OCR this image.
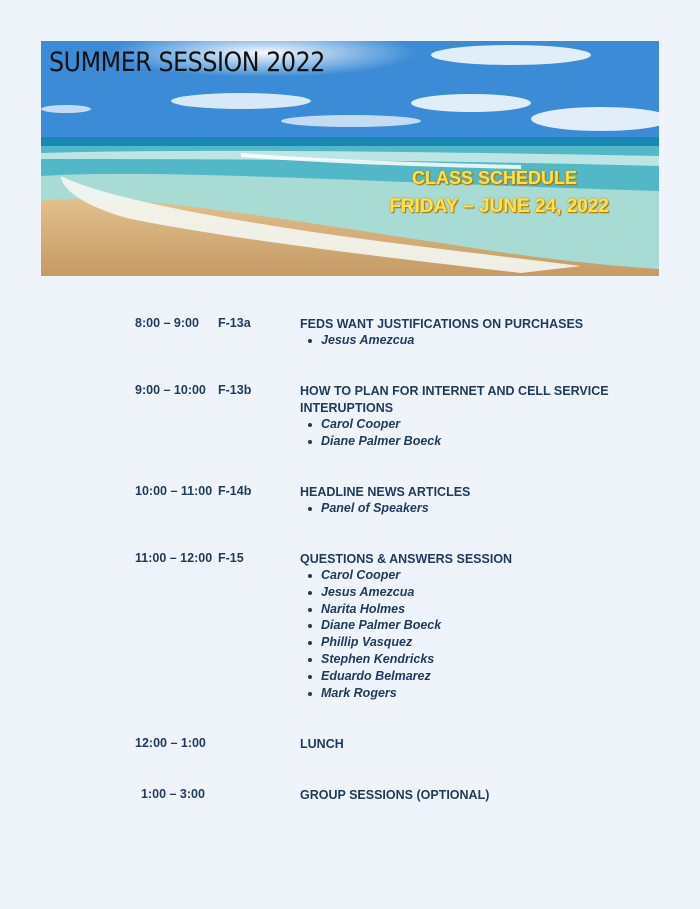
SUMMER SESSION 2022
CLASS SCHEDULE
FRIDAY – JUNE 24, 2022
8:00 – 9:00 F-13a	FEDS WANT JUSTIFICATIONS ON PURCHASES
Jesus Amezcua
9:00 – 10:00 F-13b	HOW TO PLAN FOR INTERNET AND CELL SERVICE INTERUPTIONS
Carol Cooper
Diane Palmer Boeck
10:00 – 11:00 F-14b	HEADLINE NEWS ARTICLES
Panel of Speakers
11:00 – 12:00 F-15	QUESTIONS & ANSWERS SESSION
Carol Cooper
Jesus Amezcua
Narita Holmes
Diane Palmer Boeck
Phillip Vasquez
Stephen Kendricks
Eduardo Belmarez
Mark Rogers
12:00 – 1:00	LUNCH
1:00 – 3:00	GROUP SESSIONS (OPTIONAL)
